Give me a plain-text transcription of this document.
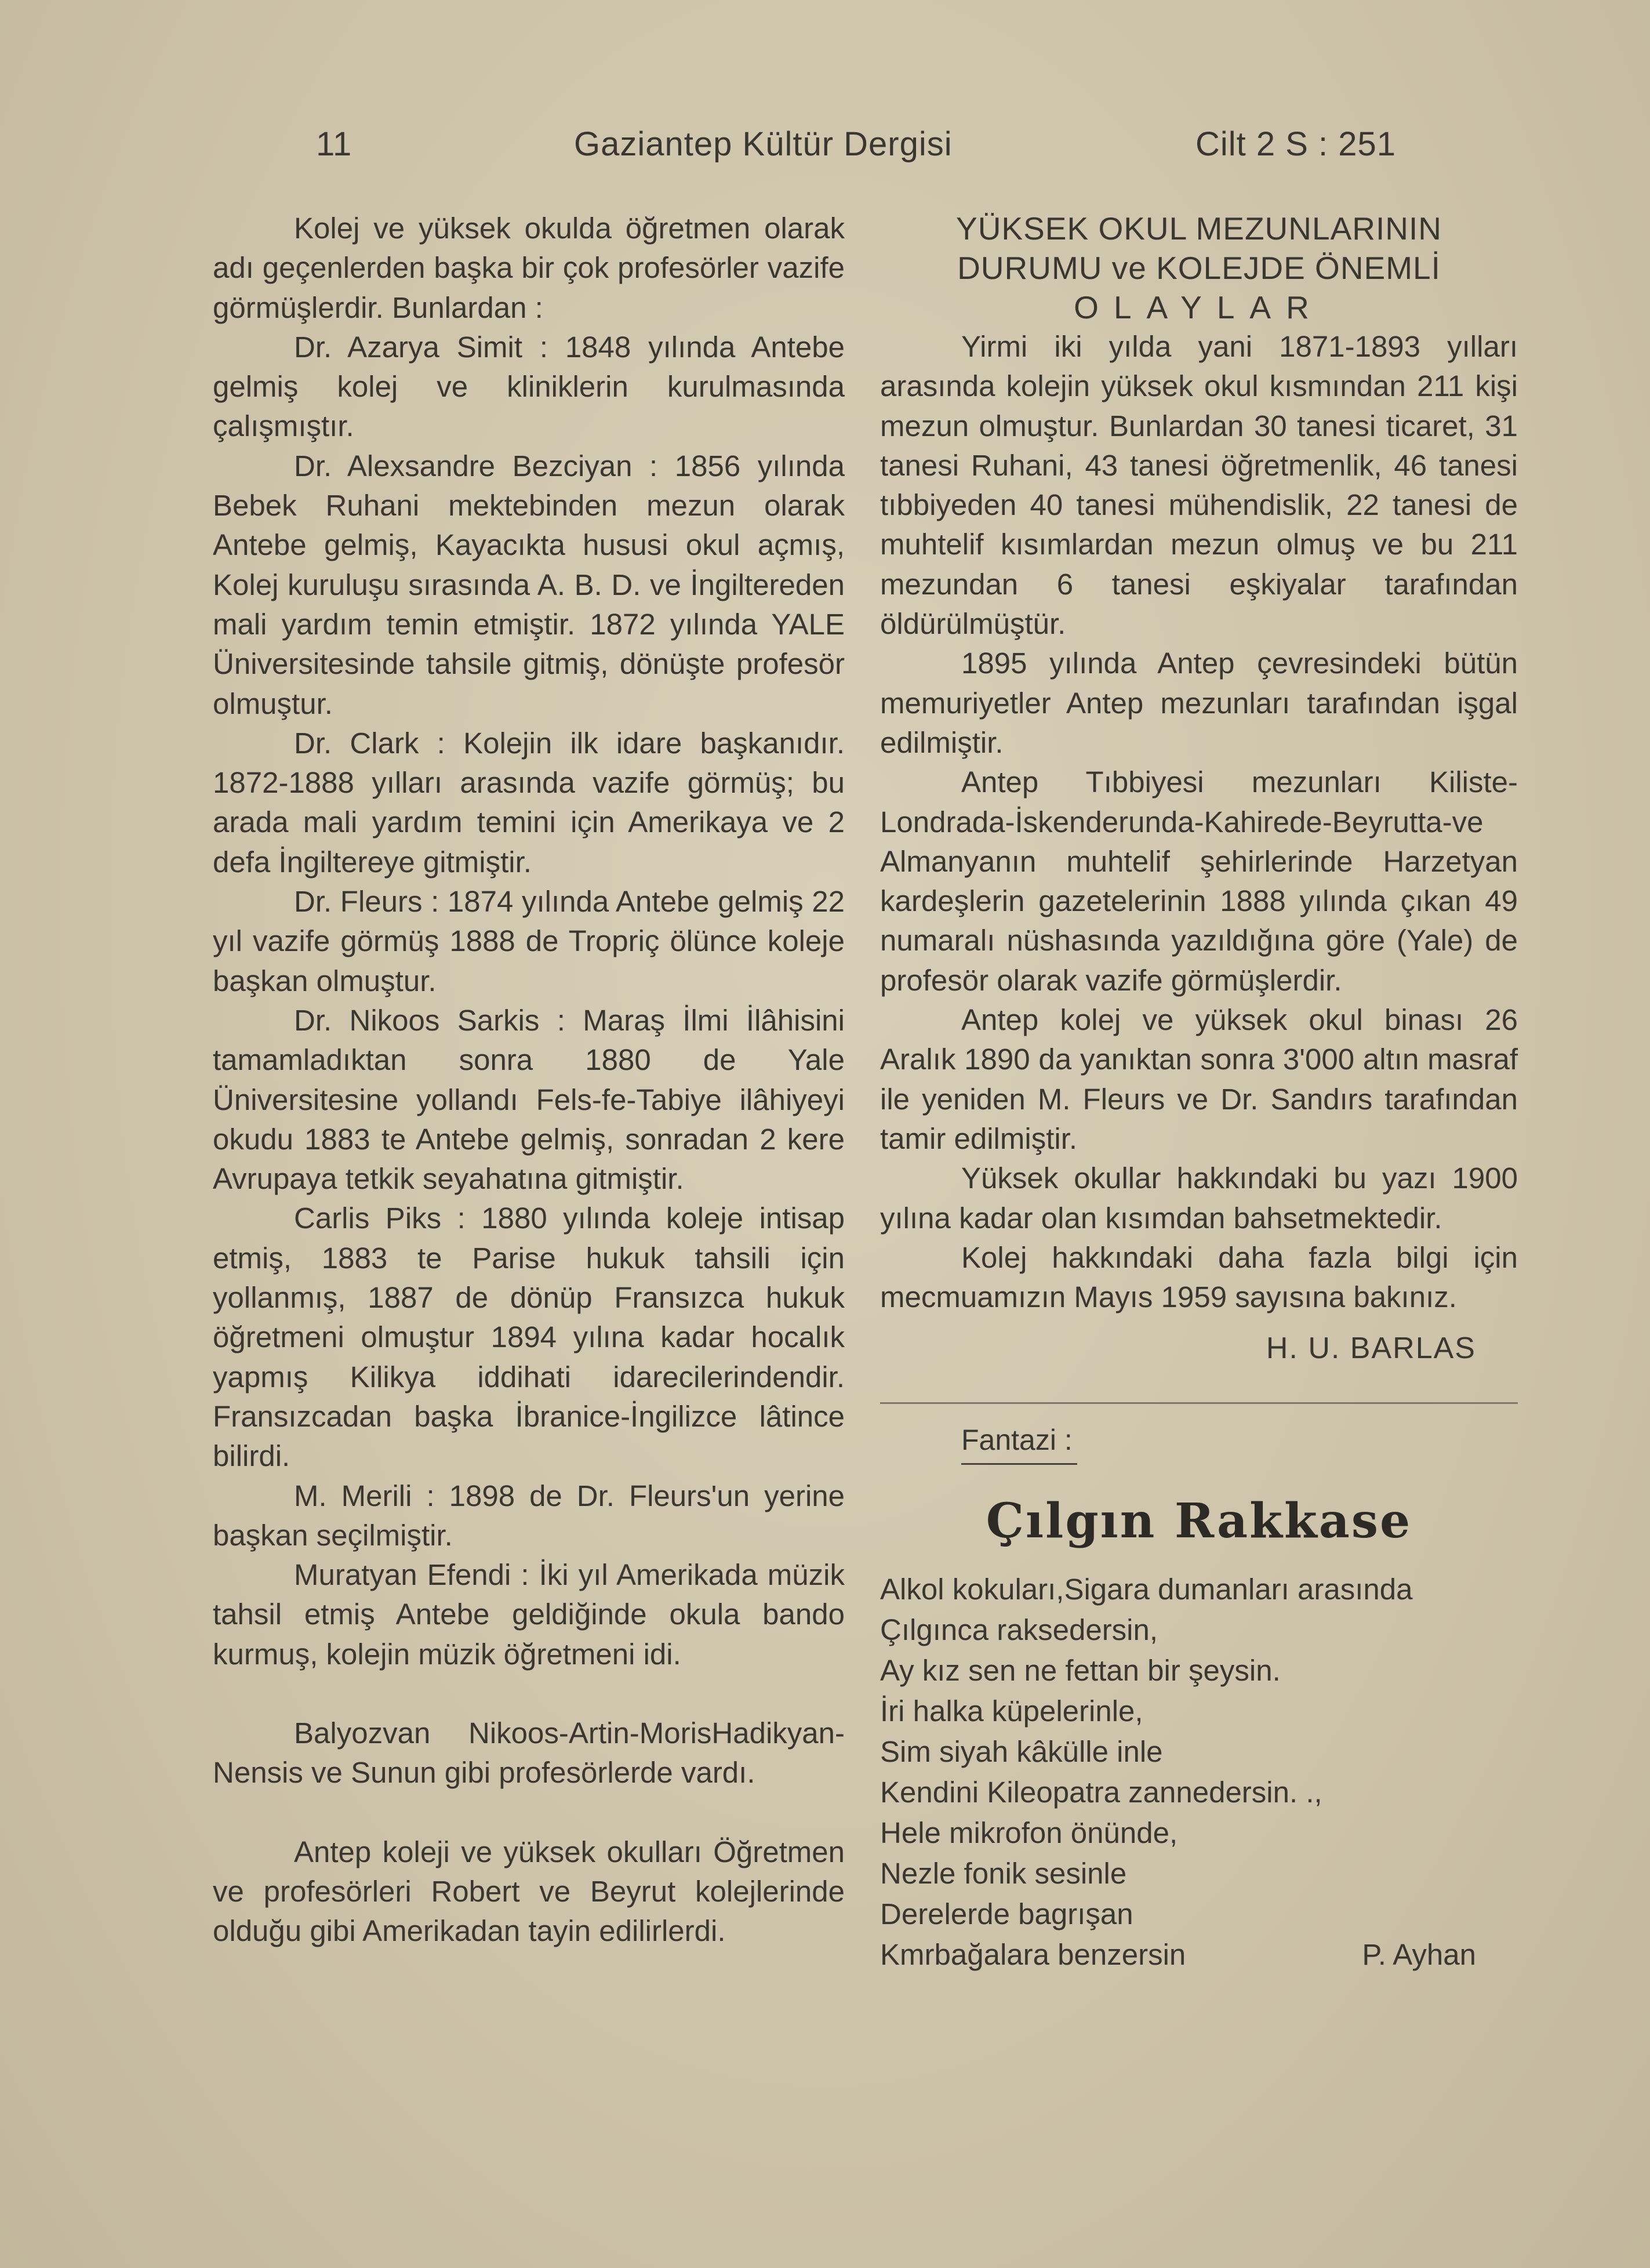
11	Gaziantep Kültür Dergisi	Cilt 2 S : 251

Kolej ve yüksek okulda öğretmen olarak adı geçenlerden başka bir çok profesörler vazife görmüşlerdir. Bunlardan :

Dr. Azarya Simit : 1848 yılında Antebe gelmiş kolej ve kliniklerin kurulmasında çalışmıştır.

Dr. Alexsandre Bezciyan : 1856 yılında Bebek Ruhani mektebinden mezun olarak Antebe gelmiş, Kayacıkta hususi okul açmış, Kolej kuruluşu sırasında A. B. D. ve İngiltereden mali yardım temin etmiştir. 1872 yılında YALE Üniversitesinde tahsile gitmiş, dönüşte profesör olmuştur.

Dr. Clark : Kolejin ilk idare başkanıdır. 1872-1888 yılları arasında vazife görmüş; bu arada mali yardım temini için Amerikaya ve 2 defa İngiltereye gitmiştir.

Dr. Fleurs : 1874 yılında Antebe gelmiş 22 yıl vazife görmüş 1888 de Tropriç ölünce koleje başkan olmuştur.

Dr. Nikoos Sarkis : Maraş İlmi İlâhisini tamamladıktan sonra 1880 de Yale Üniversitesine yollandı Fels-fe-Tabiye ilâhiyeyi okudu 1883 te Antebe gelmiş, sonradan 2 kere Avrupaya tetkik seyahatına gitmiştir.

Carlis Piks : 1880 yılında koleje intisap etmiş, 1883 te Parise hukuk tahsili için yollanmış, 1887 de dönüp Fransızca hukuk öğretmeni olmuştur 1894 yılına kadar hocalık yapmış Kilikya iddihati idarecilerindendir. Fransızcadan başka İbranice-İngilizce lâtince bilirdi.

M. Merili : 1898 de Dr. Fleurs'un yerine başkan seçilmiştir.

Muratyan Efendi : İki yıl Amerikada müzik tahsil etmiş Antebe geldiğinde okula bando kurmuş, kolejin müzik öğretmeni idi.

Balyozvan Nikoos-Artin-MorisHadikyan-Nensis ve Sunun gibi profesörlerde vardı.

Antep koleji ve yüksek okulları Öğretmen ve profesörleri Robert ve Beyrut kolejlerinde olduğu gibi Amerikadan tayin edilirlerdi.

YÜKSEK OKUL MEZUNLARININ
DURUMU ve KOLEJDE ÖNEMLİ
OLAYLAR

Yirmi iki yılda yani 1871-1893 yılları arasında kolejin yüksek okul kısmından 211 kişi mezun olmuştur. Bunlardan 30 tanesi ticaret, 31 tanesi Ruhani, 43 tanesi öğretmenlik, 46 tanesi tıbbiyeden 40 tanesi mühendislik, 22 tanesi de muhtelif kısımlardan mezun olmuş ve bu 211 mezundan 6 tanesi eşkiyalar tarafından öldürülmüştür.

1895 yılında Antep çevresindeki bütün memuriyetler Antep mezunları tarafından işgal edilmiştir.

Antep Tıbbiyesi mezunları Kiliste-Londrada-İskenderunda-Kahirede-Beyrutta-ve Almanyanın muhtelif şehirlerinde Harzetyan kardeşlerin gazetelerinin 1888 yılında çıkan 49 numaralı nüshasında yazıldığına göre (Yale) de profesör olarak vazife görmüşlerdir.

Antep kolej ve yüksek okul binası 26 Aralık 1890 da yanıktan sonra 3'000 altın masraf ile yeniden M. Fleurs ve Dr. Sandırs tarafından tamir edilmiştir.

Yüksek okullar hakkındaki bu yazı 1900 yılına kadar olan kısımdan bahsetmektedir.

Kolej hakkındaki daha fazla bilgi için mecmuamızın Mayıs 1959 sayısına bakınız.

H. U. BARLAS
Fantazi :
Çılgın Rakkase
Alkol kokuları,Sigara dumanları arasında
Çılgınca raksedersin,
Ay kız sen ne fettan bir şeysin.
İri halka küpelerinle,
Sim siyah kâkülle inle
Kendini Kileopatra zannedersin. .,
Hele mikrofon önünde,
Nezle fonik sesinle
Derelerde bagrışan
Kmrbağalara benzersin	P. Ayhan
